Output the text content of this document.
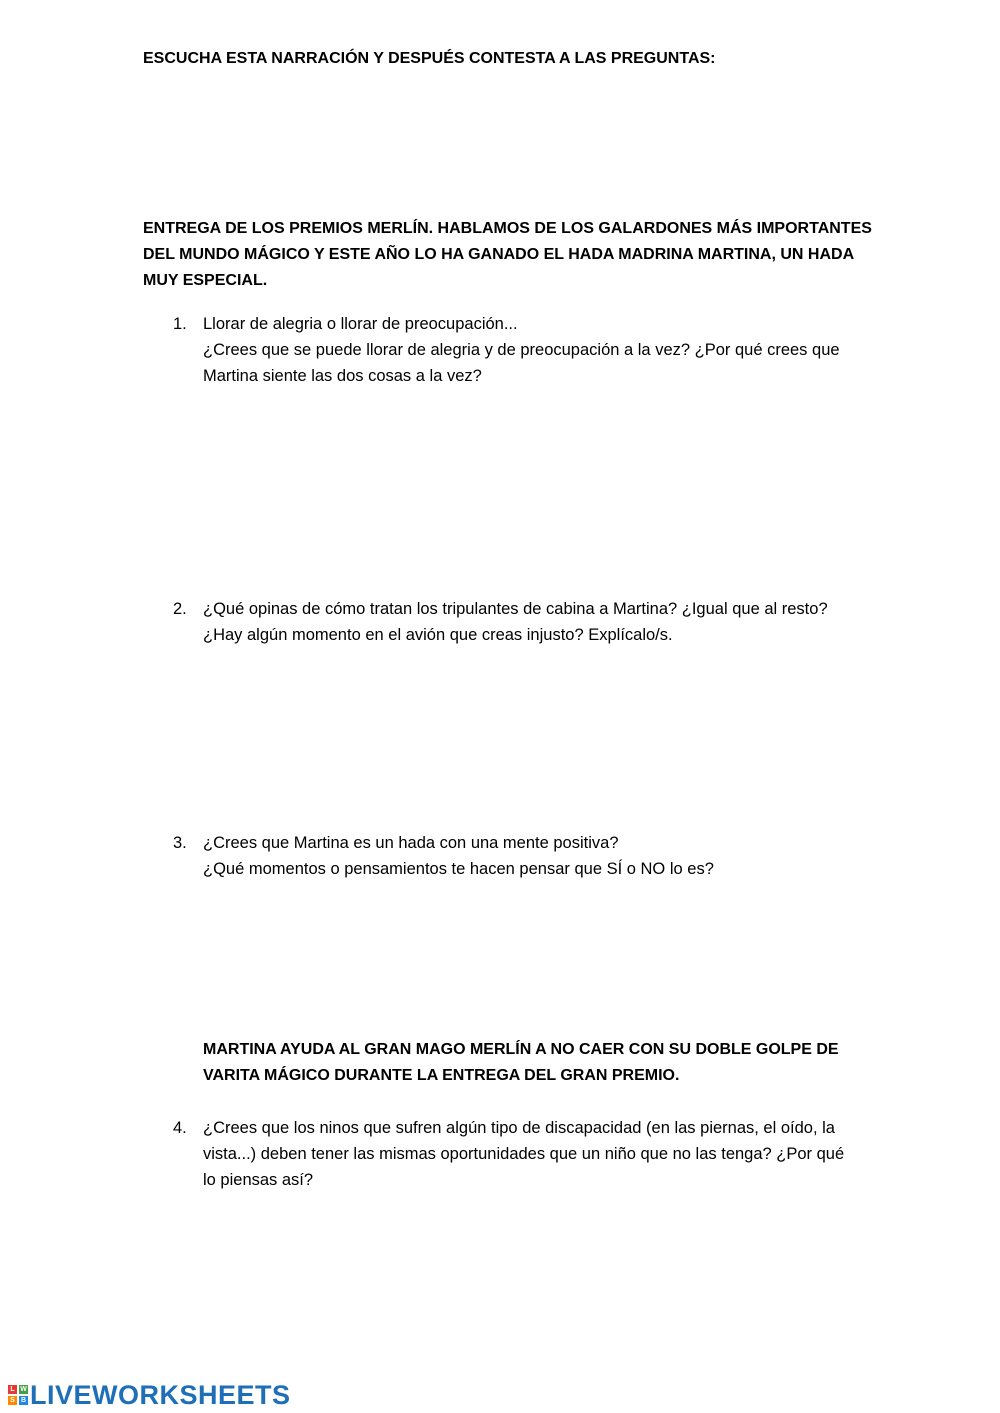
ESCUCHA ESTA NARRACIÓN Y DESPUÉS CONTESTA A LAS PREGUNTAS:
ENTREGA DE LOS PREMIOS MERLÍN. HABLAMOS DE LOS GALARDONES MÁS IMPORTANTES
DEL MUNDO MÁGICO Y ESTE AÑO LO HA GANADO EL HADA MADRINA MARTINA, UN HADA
MUY ESPECIAL.
1. Llorar de alegria o llorar de preocupación...
¿Crees que se puede llorar de alegria y de preocupación a la vez? ¿Por qué crees que
Martina siente las dos cosas a la vez?
2. ¿Qué opinas de cómo tratan los tripulantes de cabina a Martina? ¿Igual que al resto?
¿Hay algún momento en el avión que creas injusto? Explícalo/s.
3. ¿Crees que Martina es un hada con una mente positiva?
¿Qué momentos o pensamientos te hacen pensar que SÍ o NO lo es?
MARTINA AYUDA AL GRAN MAGO MERLÍN A NO CAER CON SU DOBLE GOLPE DE
VARITA MÁGICO DURANTE LA ENTREGA DEL GRAN PREMIO.
4. ¿Crees que los ninos que sufren algún tipo de discapacidad (en las piernas, el oído, la
vista...) deben tener las mismas oportunidades que un niño que no las tenga? ¿Por qué
lo piensas así?
L W
S B LIVEWORKSHEETS
